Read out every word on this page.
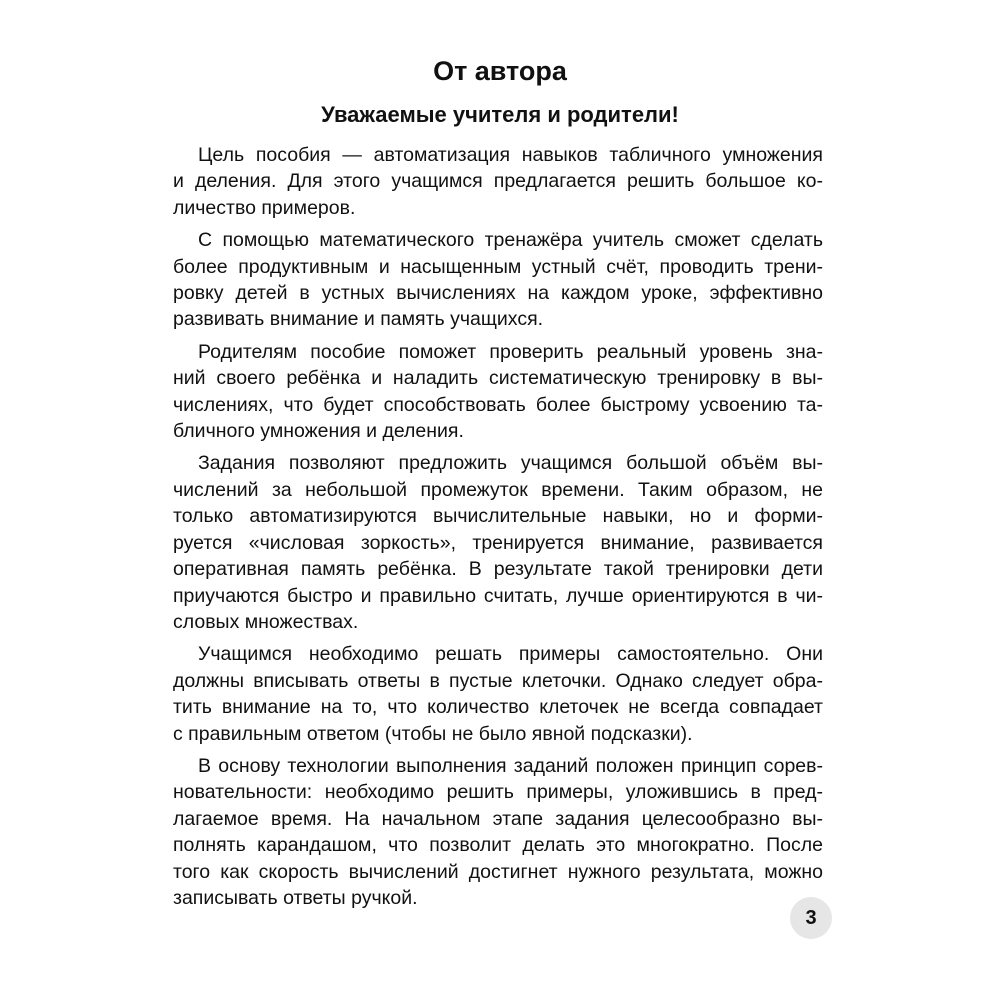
От автора
Уважаемые учителя и родители!

Цель пособия — автоматизация навыков табличного умножения
и деления. Для этого учащимся предлагается решить большое ко-
личество примеров.

С помощью математического тренажёра учитель сможет сделать
более продуктивным и насыщенным устный счёт, проводить трени-
ровку детей в устных вычислениях на каждом уроке, эффективно
развивать внимание и память учащихся.

Родителям пособие поможет проверить реальный уровень зна-
ний своего ребёнка и наладить систематическую тренировку в вы-
числениях, что будет способствовать более быстрому усвоению та-
бличного умножения и деления.

Задания позволяют предложить учащимся большой объём вы-
числений за небольшой промежуток времени. Таким образом, не
только автоматизируются вычислительные навыки, но и форми-
руется «числовая зоркость», тренируется внимание, развивается
оперативная память ребёнка. В результате такой тренировки дети
приучаются быстро и правильно считать, лучше ориентируются в чи-
словых множествах.

Учащимся необходимо решать примеры самостоятельно. Они
должны вписывать ответы в пустые клеточки. Однако следует обра-
тить внимание на то, что количество клеточек не всегда совпадает
с правильным ответом (чтобы не было явной подсказки).

В основу технологии выполнения заданий положен принцип сорев-
новательности: необходимо решить примеры, уложившись в пред-
лагаемое время. На начальном этапе задания целесообразно вы-
полнять карандашом, что позволит делать это многократно. После
того как скорость вычислений достигнет нужного результата, можно
записывать ответы ручкой.

3
